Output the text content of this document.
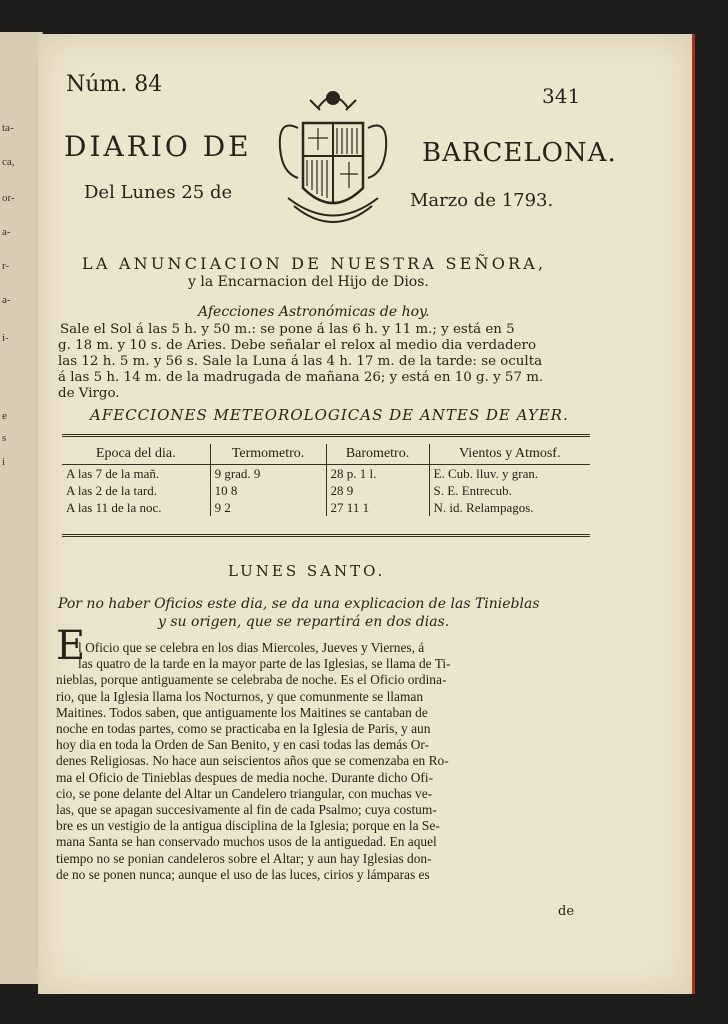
ta-
ca,
or-
a-
r-
a-
i-
e
s
i
Núm. 84	341
DIARIO DE	BARCELONA.
Del Lunes 25 de	Marzo de 1793.
LA ANUNCIACION DE NUESTRA SEÑORA,
y la Encarnacion del Hijo de Dios.
Afecciones Astronómicas de hoy.
Sale el Sol á las 5 h. y 50 m.: se pone á las 6 h. y 11 m.; y está en 5
g. 18 m. y 10 s. de Aries. Debe señalar el relox al medio dia verdadero
las 12 h. 5 m. y 56 s. Sale la Luna á las 4 h. 17 m. de la tarde: se oculta
á las 5 h. 14 m. de la madrugada de mañana 26; y está en 10 g. y 57 m.
de Virgo.
AFECCIONES METEOROLOGICAS DE ANTES DE AYER.
Epoca del dia.	Termometro.	Barometro.	Vientos y Atmosf.
A las 7 de la mañ.	9 grad. 9	28 p. 1 l.	E. Cub. lluv. y gran.
A las 2 de la tard.	10 8	28 9	S. E. Entrecub.
A las 11 de la noc.	9 2	27 11 1	N. id. Relampagos.
LUNES SANTO.
Por no haber Oficios este dia, se da una explicacion de las Tinieblas
y su origen, que se repartirá en dos dias.
E
l Oficio que se celebra en los dias Miercoles, Jueves y Viernes, á
las quatro de la tarde en la mayor parte de las Iglesias, se llama de Ti-
nieblas, porque antiguamente se celebraba de noche. Es el Oficio ordina-
rio, que la Iglesia llama los Nocturnos, y que comunmente se llaman
Maitines. Todos saben, que antiguamente los Maitines se cantaban de
noche en todas partes, como se practicaba en la Iglesia de Paris, y aun
hoy dia en toda la Orden de San Benito, y en casi todas las demás Or-
denes Religiosas. No hace aun seiscientos años que se comenzaba en Ro-
ma el Oficio de Tinieblas despues de media noche. Durante dicho Ofi-
cio, se pone delante del Altar un Candelero triangular, con muchas ve-
las, que se apagan succesivamente al fin de cada Psalmo; cuya costum-
bre es un vestigio de la antigua disciplina de la Iglesia; porque en la Se-
mana Santa se han conservado muchos usos de la antiguedad. En aquel
tiempo no se ponian candeleros sobre el Altar; y aun hay Iglesias don-
de no se ponen nunca; aunque el uso de las luces, cirios y lámparas es
de
